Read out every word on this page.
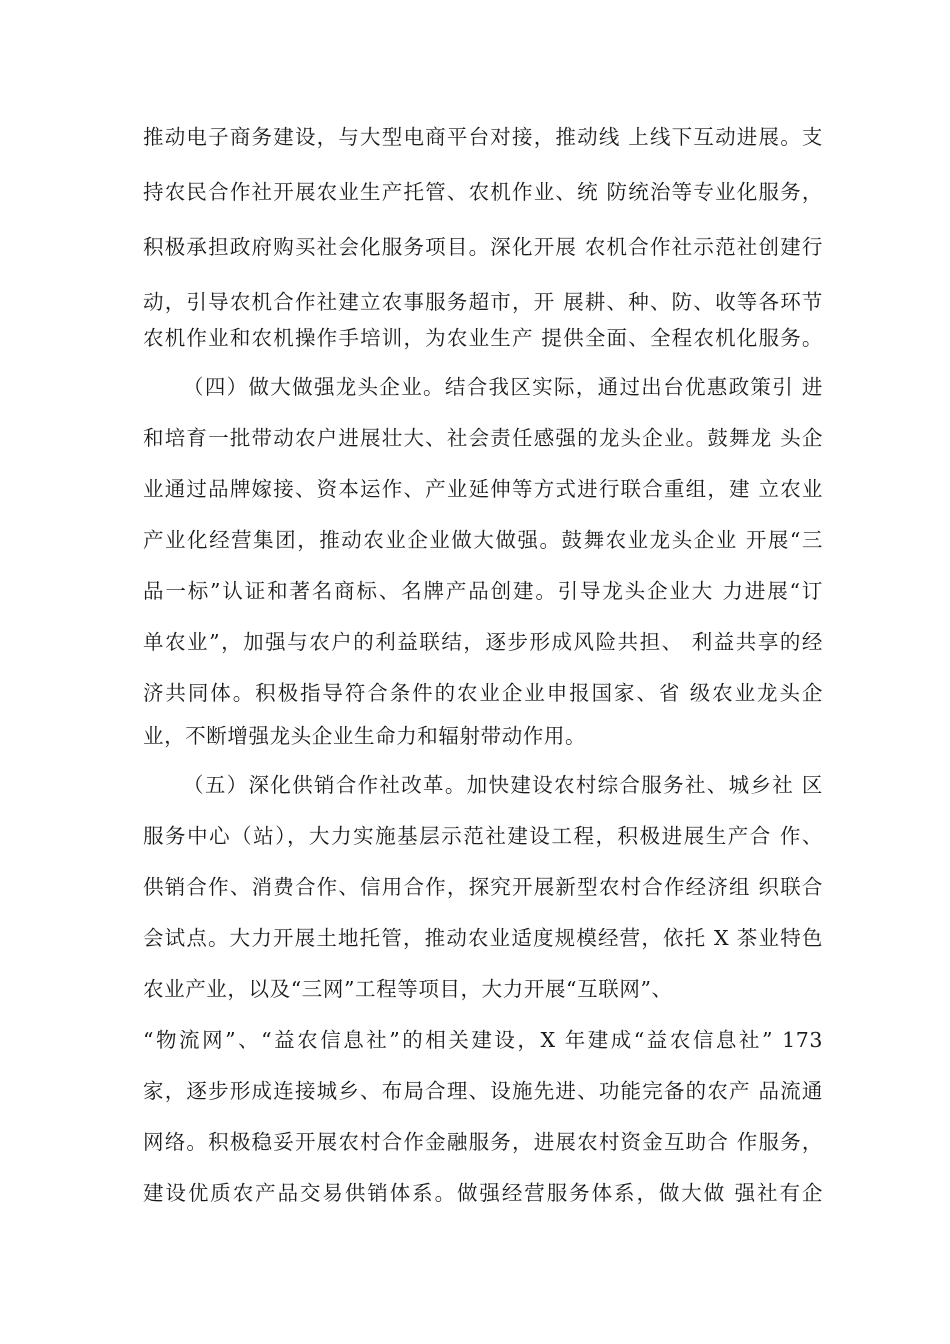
推动电子商务建设，与大型电商平台对接，推动线 上线下互动进展。支
持农民合作社开展农业生产托管、农机作业、统 防统治等专业化服务，
积极承担政府购买社会化服务项目。深化开展 农机合作社示范社创建行
动，引导农机合作社建立农事服务超市，开 展耕、种、防、收等各环节
农机作业和农机操作手培训，为农业生产 提供全面、全程农机化服务。
（四）做大做强龙头企业。结合我区实际，通过出台优惠政策引 进
和培育一批带动农户进展壮大、社会责任感强的龙头企业。鼓舞龙 头企
业通过品牌嫁接、资本运作、产业延伸等方式进行联合重组，建 立农业
产业化经营集团，推动农业企业做大做强。鼓舞农业龙头企业 开展“三
品一标”认证和著名商标、名牌产品创建。引导龙头企业大 力进展“订
单农业”，加强与农户的利益联结，逐步形成风险共担、 利益共享的经
济共同体。积极指导符合条件的农业企业申报国家、省 级农业龙头企
业，不断增强龙头企业生命力和辐射带动作用。
（五）深化供销合作社改革。加快建设农村综合服务社、城乡社 区
服务中心（站），大力实施基层示范社建设工程，积极进展生产合 作、
供销合作、消费合作、信用合作，探究开展新型农村合作经济组 织联合
会试点。大力开展土地托管，推动农业适度规模经营，依托 X 茶业特色
农业产业，以及“三网”工程等项目，大力开展“互联网”、
“物流网”、“益农信息社”的相关建设，X 年建成“益农信息社” 173
家，逐步形成连接城乡、布局合理、设施先进、功能完备的农产 品流通
网络。积极稳妥开展农村合作金融服务，进展农村资金互助合 作服务，
建设优质农产品交易供销体系。做强经营服务体系，做大做 强社有企
